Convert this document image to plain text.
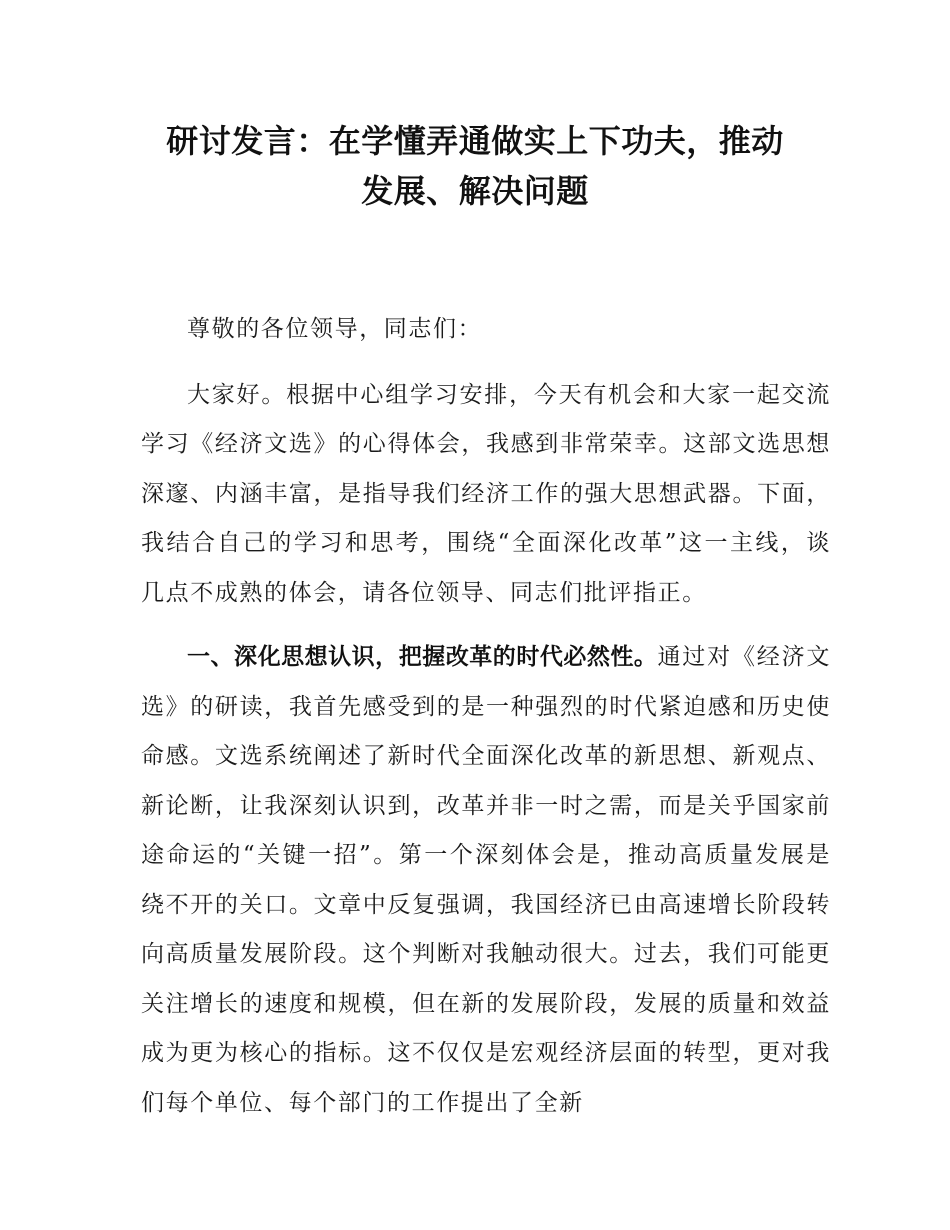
研讨发言：在学懂弄通做实上下功夫，推动
发展、解决问题

尊敬的各位领导，同志们：

大家好。根据中心组学习安排，今天有机会和大家一起交流学习《经济文选》的心得体会，我感到非常荣幸。这部文选思想深邃、内涵丰富，是指导我们经济工作的强大思想武器。下面，我结合自己的学习和思考，围绕“全面深化改革”这一主线，谈几点不成熟的体会，请各位领导、同志们批评指正。

一、深化思想认识，把握改革的时代必然性。通过对《经济文选》的研读，我首先感受到的是一种强烈的时代紧迫感和历史使命感。文选系统阐述了新时代全面深化改革的新思想、新观点、新论断，让我深刻认识到，改革并非一时之需，而是关乎国家前途命运的“关键一招”。第一个深刻体会是，推动高质量发展是绕不开的关口。文章中反复强调，我国经济已由高速增长阶段转向高质量发展阶段。这个判断对我触动很大。过去，我们可能更关注增长的速度和规模，但在新的发展阶段，发展的质量和效益成为更为核心的指标。这不仅仅是宏观经济层面的转型，更对我们每个单位、每个部门的工作提出了全新
